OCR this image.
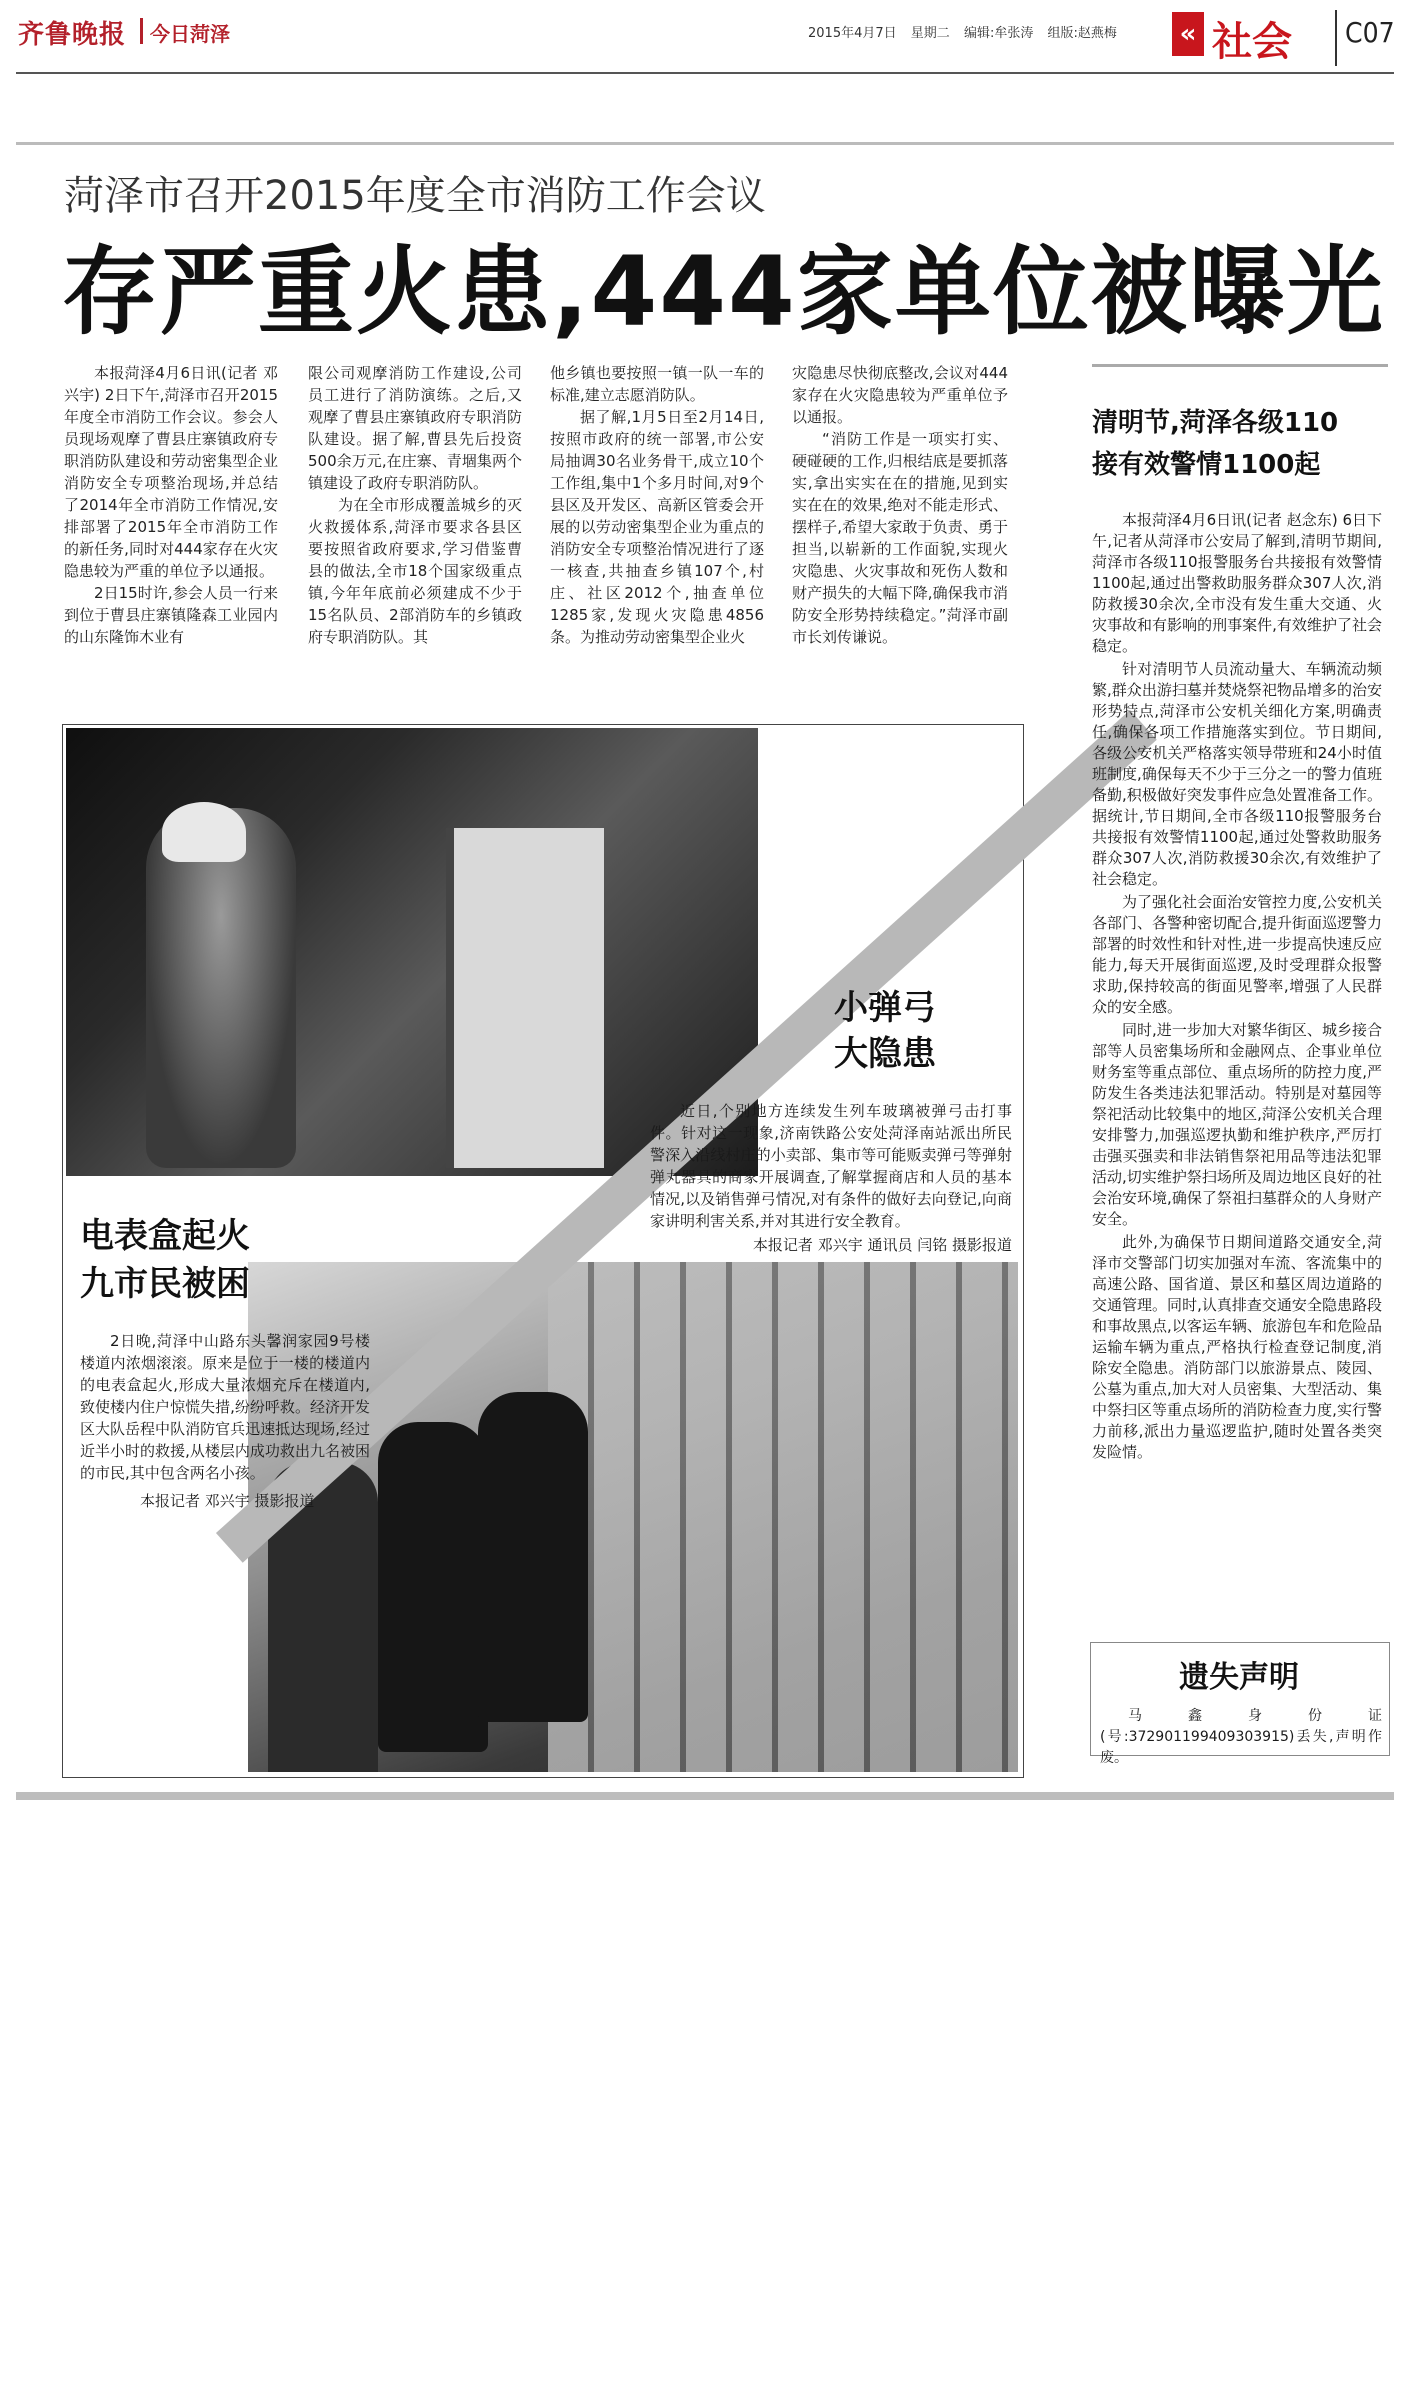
齐鲁晚报 今日菏泽	2015年4月7日 星期二 编辑:牟张涛 组版:赵燕梅	« 社会 C07
菏泽市召开2015年度全市消防工作会议
存严重火患,444家单位被曝光

本报菏泽4月6日讯(记者 邓兴宇) 2日下午,菏泽市召开2015年度全市消防工作会议。参会人员现场观摩了曹县庄寨镇政府专职消防队建设和劳动密集型企业消防安全专项整治现场,并总结了2014年全市消防工作情况,安排部署了2015年全市消防工作的新任务,同时对444家存在火灾隐患较为严重的单位予以通报。

2日15时许,参会人员一行来到位于曹县庄寨镇隆森工业园内的山东隆饰木业有

限公司观摩消防工作建设,公司员工进行了消防演练。之后,又观摩了曹县庄寨镇政府专职消防队建设。据了解,曹县先后投资500余万元,在庄寨、青堌集两个镇建设了政府专职消防队。

为在全市形成覆盖城乡的灭火救援体系,菏泽市要求各县区要按照省政府要求,学习借鉴曹县的做法,全市18个国家级重点镇,今年年底前必须建成不少于15名队员、2部消防车的乡镇政府专职消防队。其

他乡镇也要按照一镇一队一车的标准,建立志愿消防队。

据了解,1月5日至2月14日,按照市政府的统一部署,市公安局抽调30名业务骨干,成立10个工作组,集中1个多月时间,对9个县区及开发区、高新区管委会开展的以劳动密集型企业为重点的消防安全专项整治情况进行了逐一核查,共抽查乡镇107个,村庄、社区2012个,抽查单位1285家,发现火灾隐患4856条。为推动劳动密集型企业火

灾隐患尽快彻底整改,会议对444家存在火灾隐患较为严重单位予以通报。

“消防工作是一项实打实、硬碰硬的工作,归根结底是要抓落实,拿出实实在在的措施,见到实实在在的效果,绝对不能走形式、摆样子,希望大家敢于负责、勇于担当,以崭新的工作面貌,实现火灾隐患、火灾事故和死伤人数和财产损失的大幅下降,确保我市消防安全形势持续稳定。”菏泽市副市长刘传谦说。

小弹弓
大隐患

近日,个别地方连续发生列车玻璃被弹弓击打事件。针对这一现象,济南铁路公安处菏泽南站派出所民警深入沿线村庄的小卖部、集市等可能贩卖弹弓等弹射弹丸器具的商家开展调查,了解掌握商店和人员的基本情况,以及销售弹弓情况,对有条件的做好去向登记,向商家讲明利害关系,并对其进行安全教育。

本报记者 邓兴宇 通讯员 闫铭 摄影报道

电表盒起火
九市民被困

2日晚,菏泽中山路东头馨润家园9号楼楼道内浓烟滚滚。原来是位于一楼的楼道内的电表盒起火,形成大量浓烟充斥在楼道内,致使楼内住户惊慌失措,纷纷呼救。经济开发区大队岳程中队消防官兵迅速抵达现场,经过近半小时的救援,从楼层内成功救出九名被困的市民,其中包含两名小孩。

本报记者 邓兴宇 摄影报道

清明节,菏泽各级110
接有效警情1100起

本报菏泽4月6日讯(记者 赵念东) 6日下午,记者从菏泽市公安局了解到,清明节期间,菏泽市各级110报警服务台共接报有效警情1100起,通过出警救助服务群众307人次,消防救援30余次,全市没有发生重大交通、火灾事故和有影响的刑事案件,有效维护了社会稳定。

针对清明节人员流动量大、车辆流动频繁,群众出游扫墓并焚烧祭祀物品增多的治安形势特点,菏泽市公安机关细化方案,明确责任,确保各项工作措施落实到位。节日期间,各级公安机关严格落实领导带班和24小时值班制度,确保每天不少于三分之一的警力值班备勤,积极做好突发事件应急处置准备工作。据统计,节日期间,全市各级110报警服务台共接报有效警情1100起,通过处警救助服务群众307人次,消防救援30余次,有效维护了社会稳定。

为了强化社会面治安管控力度,公安机关各部门、各警种密切配合,提升街面巡逻警力部署的时效性和针对性,进一步提高快速反应能力,每天开展街面巡逻,及时受理群众报警求助,保持较高的街面见警率,增强了人民群众的安全感。

同时,进一步加大对繁华街区、城乡接合部等人员密集场所和金融网点、企事业单位财务室等重点部位、重点场所的防控力度,严防发生各类违法犯罪活动。特别是对墓园等祭祀活动比较集中的地区,菏泽公安机关合理安排警力,加强巡逻执勤和维护秩序,严厉打击强买强卖和非法销售祭祀用品等违法犯罪活动,切实维护祭扫场所及周边地区良好的社会治安环境,确保了祭祖扫墓群众的人身财产安全。

此外,为确保节日期间道路交通安全,菏泽市交警部门切实加强对车流、客流集中的高速公路、国省道、景区和墓区周边道路的交通管理。同时,认真排查交通安全隐患路段和事故黑点,以客运车辆、旅游包车和危险品运输车辆为重点,严格执行检查登记制度,消除安全隐患。消防部门以旅游景点、陵园、公墓为重点,加大对人员密集、大型活动、集中祭扫区等重点场所的消防检查力度,实行警力前移,派出力量巡逻监护,随时处置各类突发险情。

遗失声明
马鑫身份证(号:372901199409303915)丢失,声明作废。
